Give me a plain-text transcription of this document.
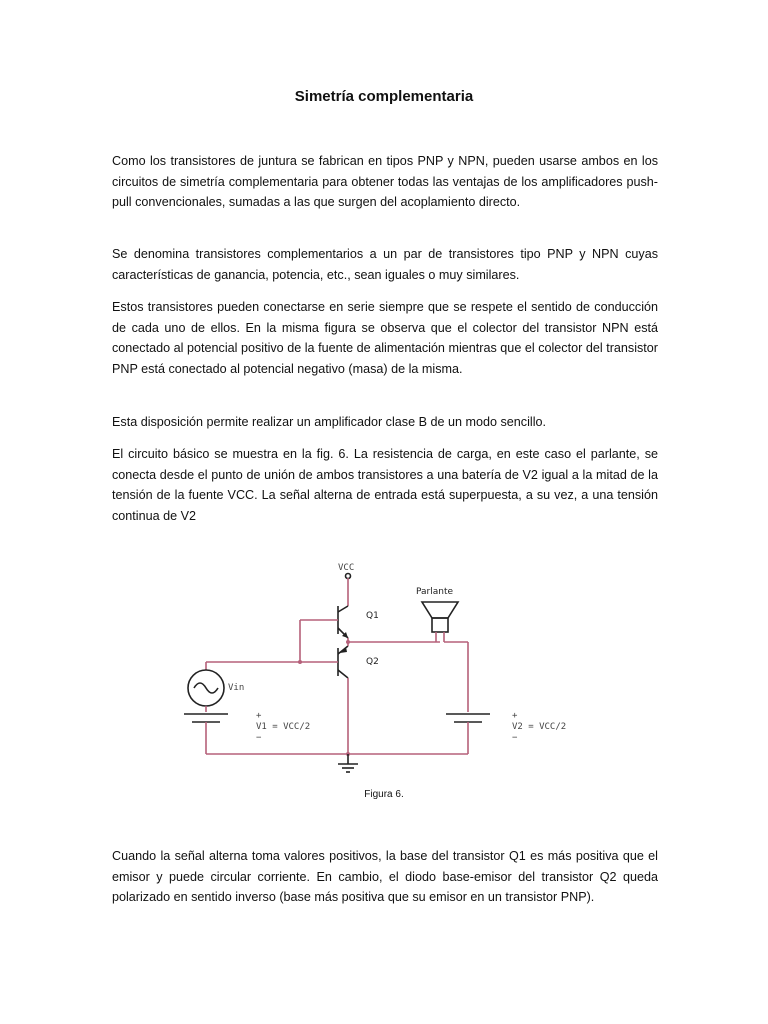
Simetría complementaria

Como los transistores de juntura se fabrican en tipos PNP y NPN, pueden usarse ambos en los circuitos de simetría complementaria para obtener todas las ventajas de los amplificadores push-pull convencionales, sumadas a las que surgen del acoplamiento directo.

Se denomina transistores complementarios a un par de transistores tipo PNP y NPN cuyas características de ganancia, potencia, etc., sean iguales o muy similares.

Estos transistores pueden conectarse en serie siempre que se respete el sentido de conducción de cada uno de ellos. En la misma figura se observa que el colector del transistor NPN está conectado al potencial positivo de la fuente de alimentación mientras que el colector del transistor PNP está conectado al potencial negativo (masa) de la misma.

Esta disposición permite realizar un amplificador clase B de un modo sencillo.

El circuito básico se muestra en la fig. 6. La resistencia de carga, en este caso el parlante, se conecta desde el punto de unión de ambos transistores a una batería de V2 igual a la mitad de la tensión de la fuente VCC. La señal alterna de entrada está superpuesta, a su vez, a una tensión continua de V2

VCC
Q1
Q2
Vin
+
V1 = VCC/2
−
Parlante
+
V2 = VCC/2
−
Figura 6.

Cuando la señal alterna toma valores positivos, la base del transistor Q1 es más positiva que el emisor y puede circular corriente. En cambio, el diodo base-emisor del transistor Q2 queda polarizado en sentido inverso (base más positiva que su emisor en un transistor PNP).
